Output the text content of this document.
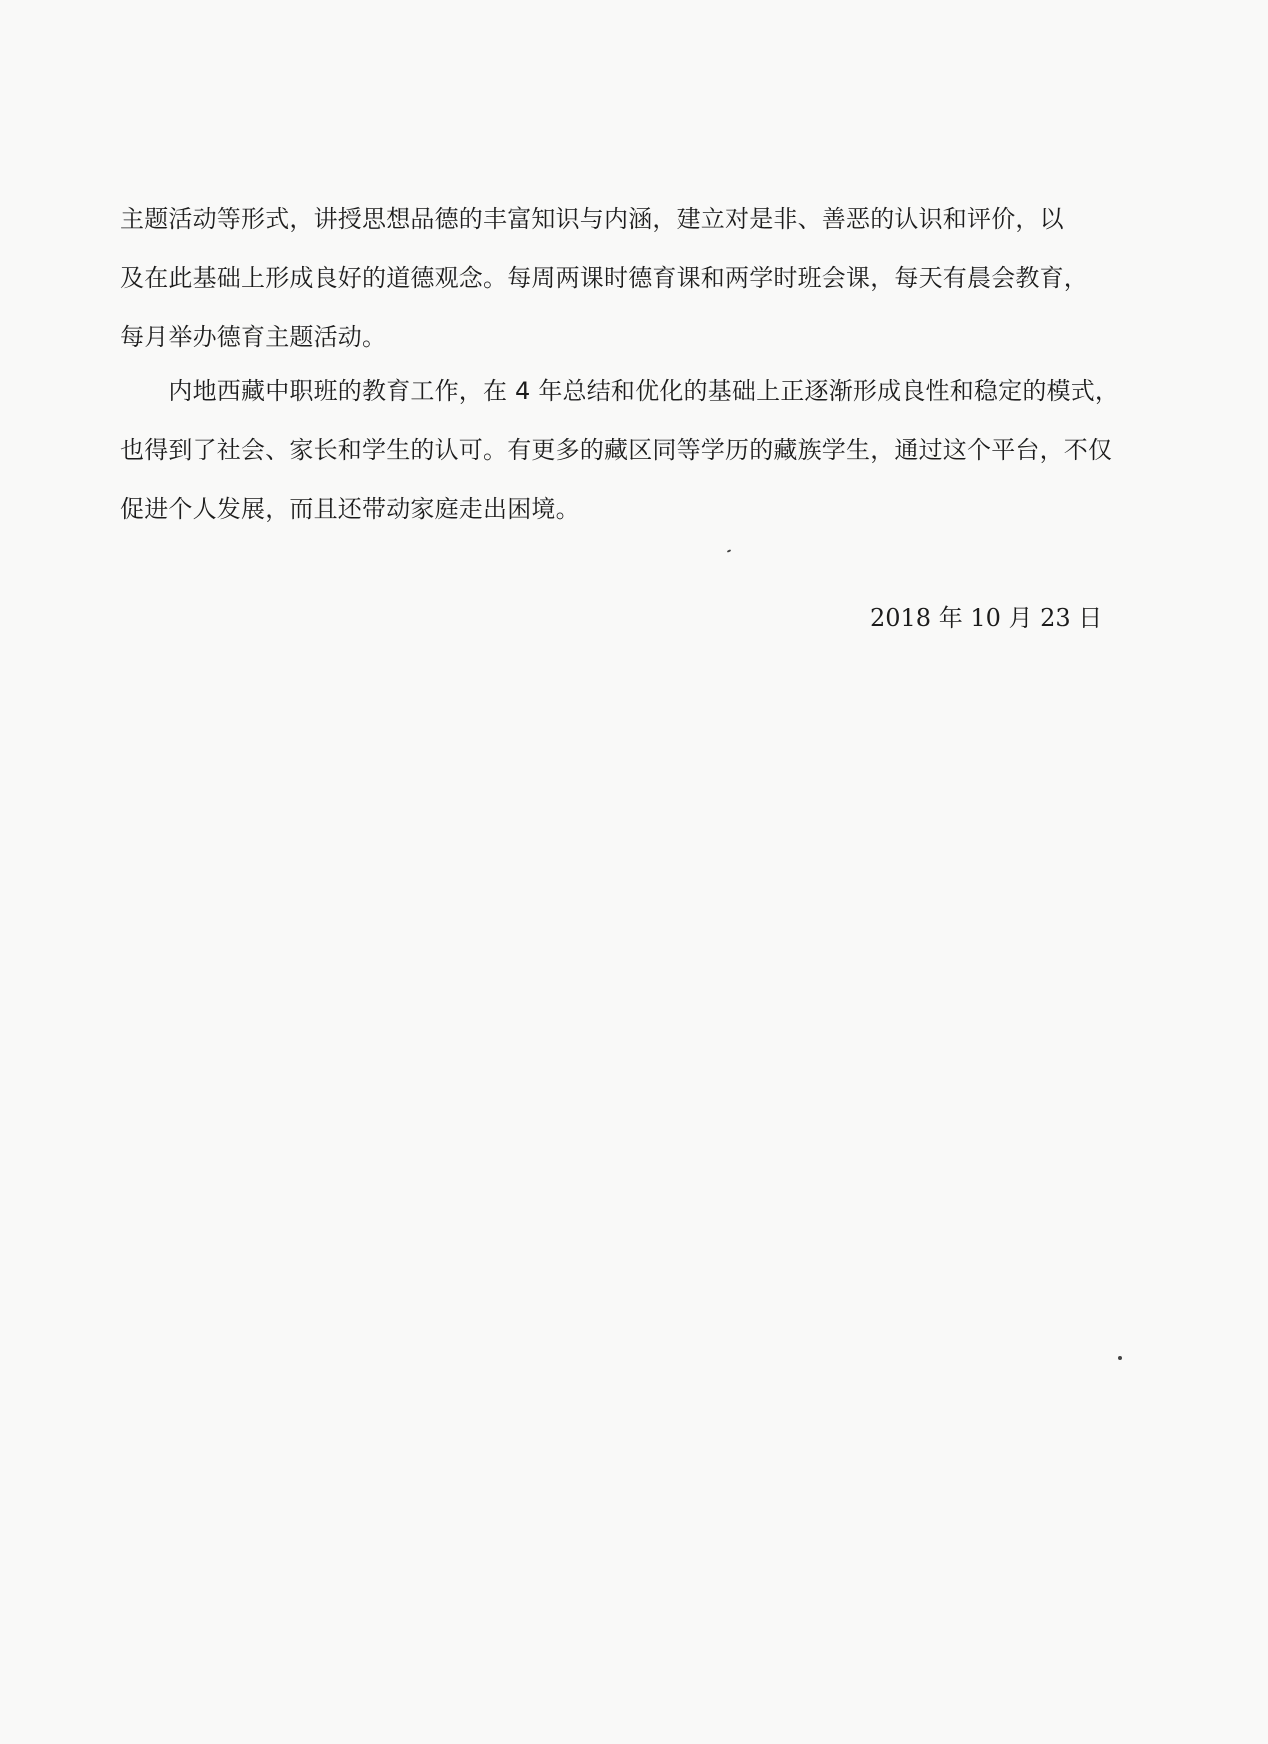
主题活动等形式，讲授思想品德的丰富知识与内涵，建立对是非、善恶的认识和评价，以
及在此基础上形成良好的道德观念。每周两课时德育课和两学时班会课，每天有晨会教育，
每月举办德育主题活动。

　　内地西藏中职班的教育工作，在 4 年总结和优化的基础上正逐渐形成良性和稳定的模式，
也得到了社会、家长和学生的认可。有更多的藏区同等学历的藏族学生，通过这个平台，不仅
促进个人发展，而且还带动家庭走出困境。

2018 年 10 月 23 日
